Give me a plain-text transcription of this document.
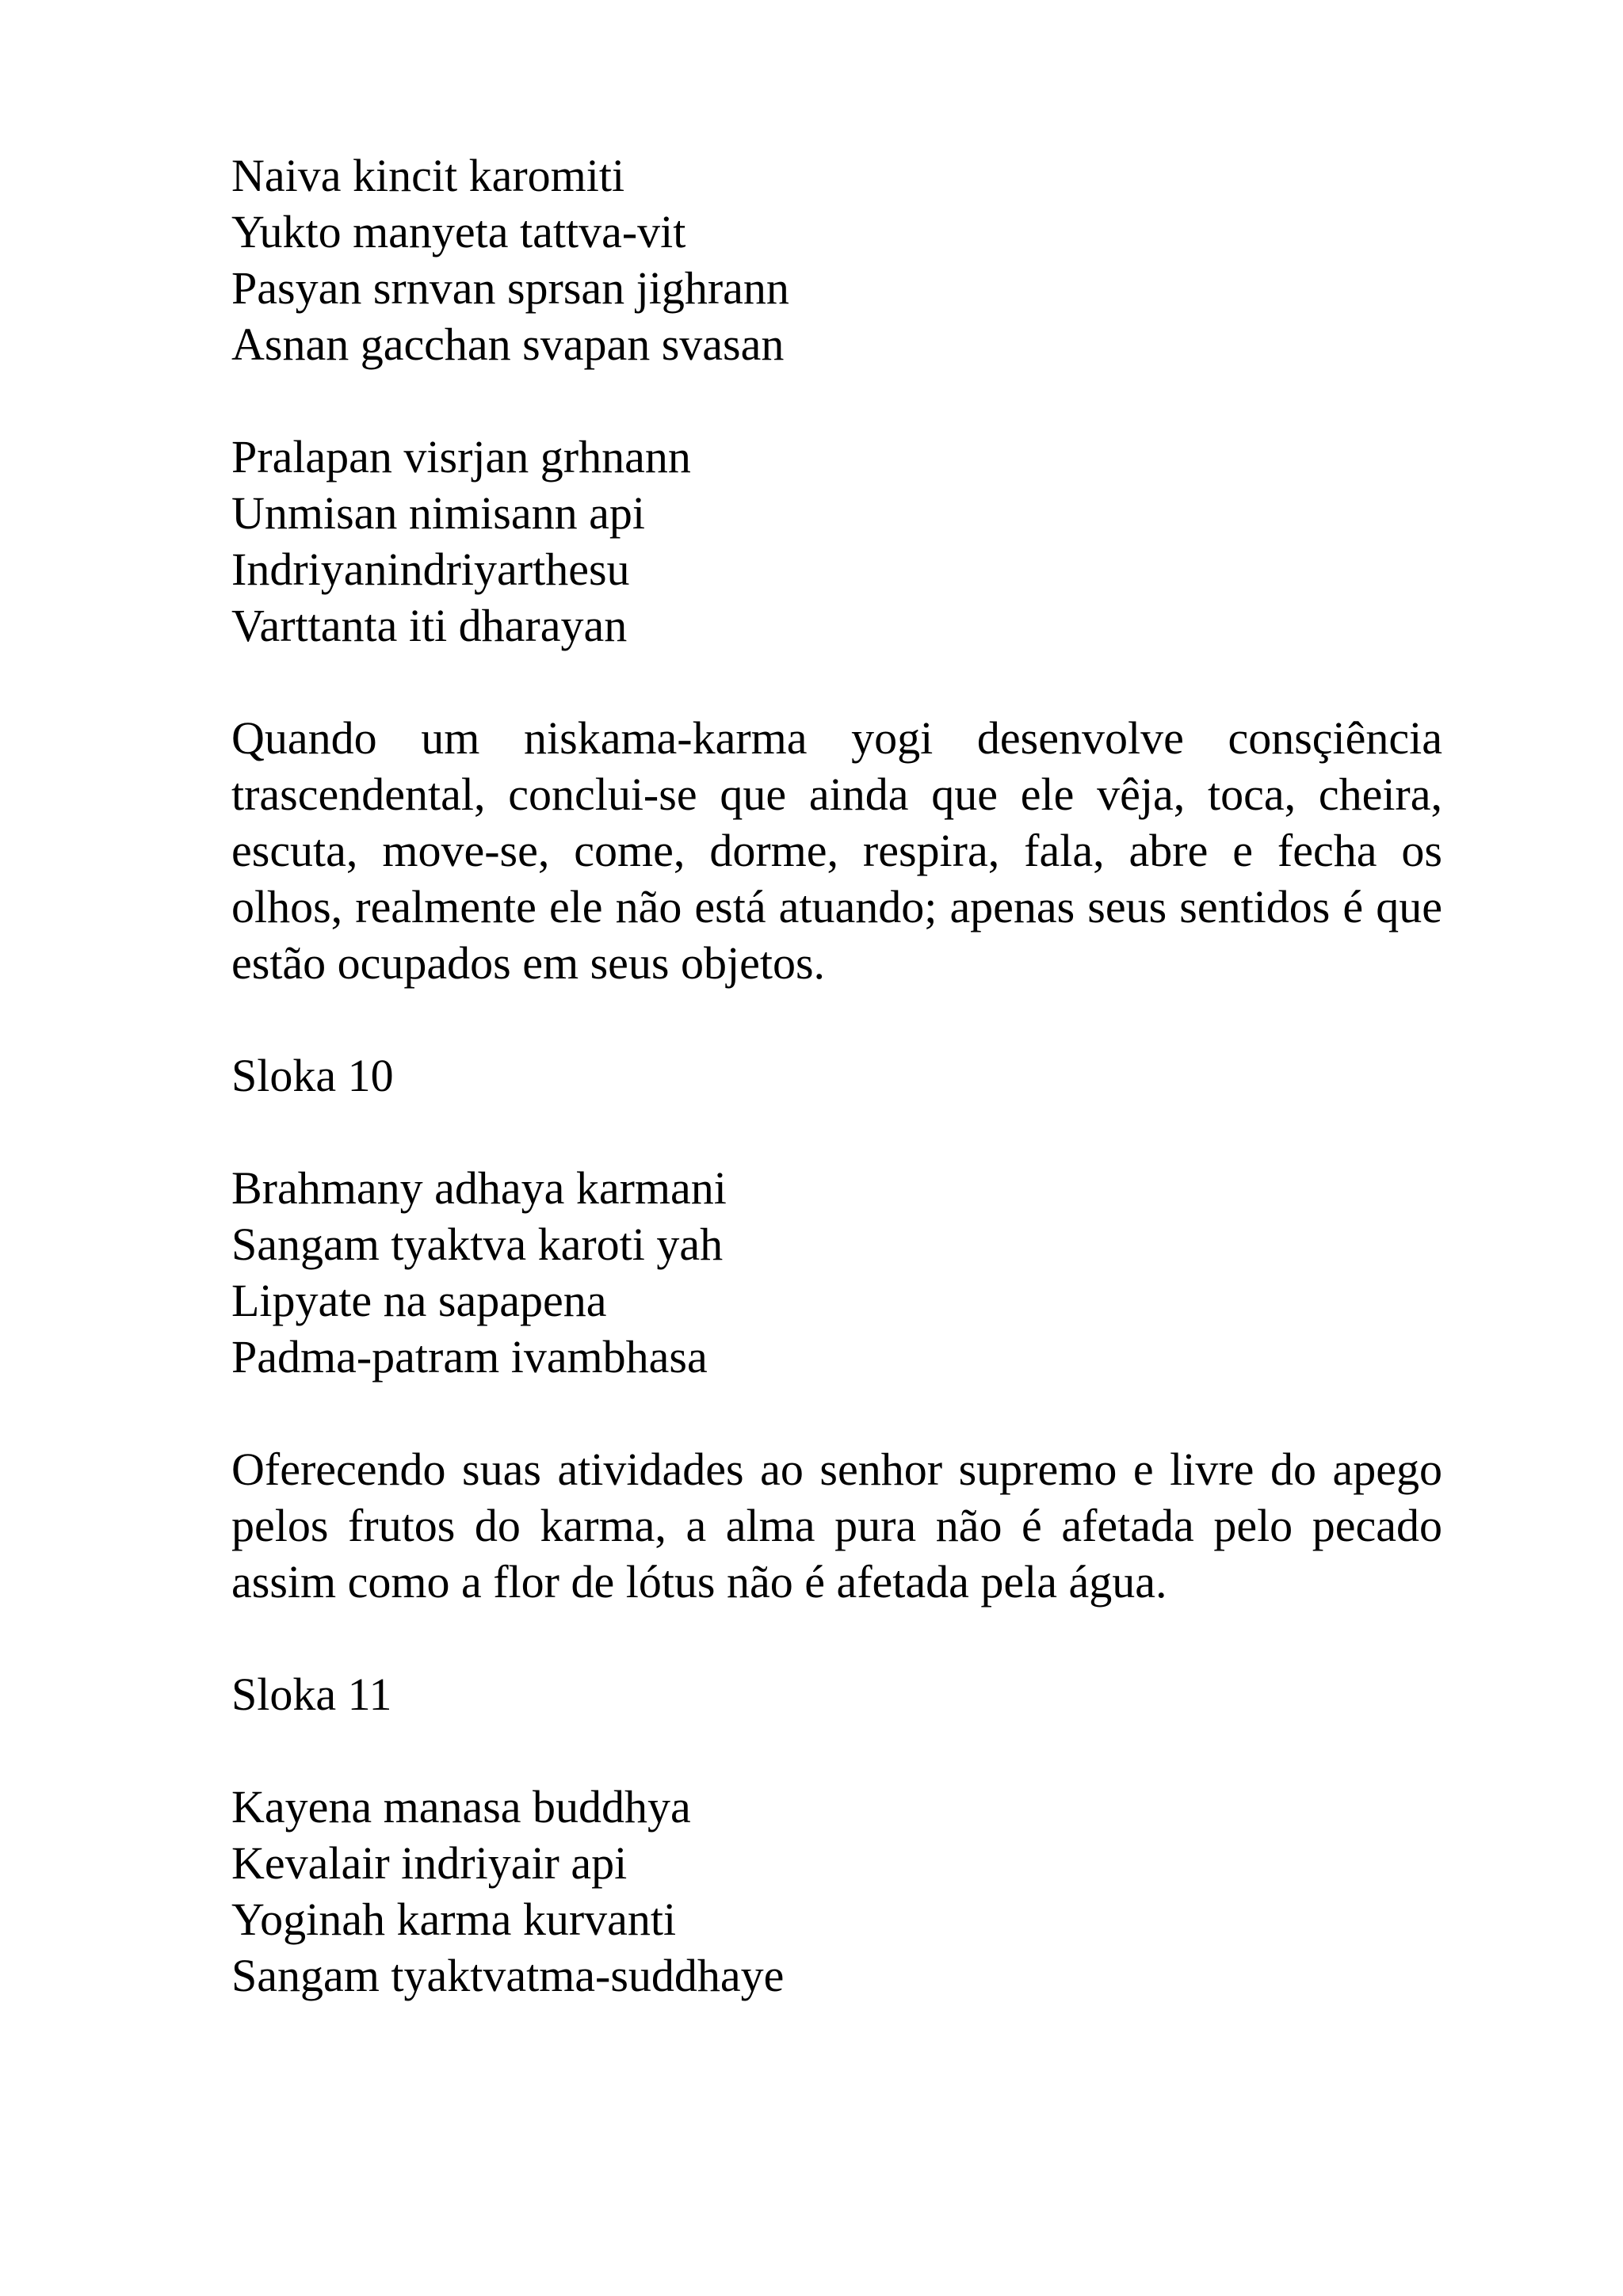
Naiva kincit karomiti
Yukto manyeta tattva-vit
Pasyan srnvan sprsan jighrann
Asnan gacchan svapan svasan
Pralapan visrjan grhnann
Unmisan nimisann api
Indriyanindriyarthesu
Varttanta iti dharayan

Quando um niskama-karma yogi desenvolve consçiência trascendental, conclui-se que ainda que ele vêja, toca, cheira, escuta, move-se, come, dorme, respira, fala, abre e fecha os olhos, realmente ele não está atuando; apenas seus sentidos é que estão ocupados em seus objetos.

Sloka 10
Brahmany adhaya karmani
Sangam tyaktva karoti yah
Lipyate na sapapena
Padma-patram ivambhasa

Oferecendo suas atividades ao senhor supremo e livre do apego pelos frutos do karma, a alma pura não é afetada pelo pecado assim como a flor de lótus não é afetada pela água.

Sloka 11
Kayena manasa buddhya
Kevalair indriyair api
Yoginah karma kurvanti
Sangam tyaktvatma-suddhaye
